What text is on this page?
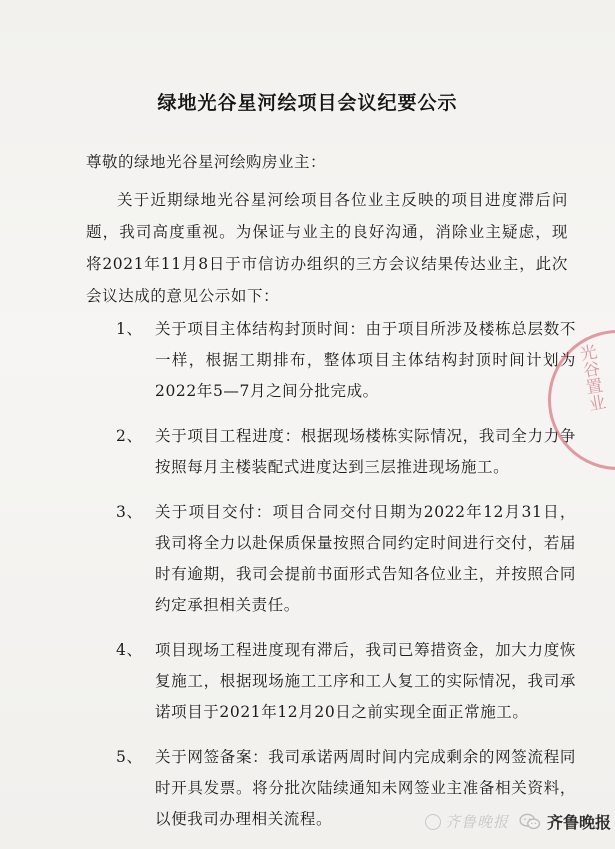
绿地光谷星河绘项目会议纪要公示
尊敬的绿地光谷星河绘购房业主：
关于近期绿地光谷星河绘项目各位业主反映的项目进度滞后问题，我司高度重视。为保证与业主的良好沟通，消除业主疑虑，现将2021年11月8日于市信访办组织的三方会议结果传达业主，此次会议达成的意见公示如下：
1、 关于项目主体结构封顶时间：由于项目所涉及楼栋总层数不一样，根据工期排布，整体项目主体结构封顶时间计划为2022年5—7月之间分批完成。
2、 关于项目工程进度：根据现场楼栋实际情况，我司全力力争按照每月主楼装配式进度达到三层推进现场施工。
3、 关于项目交付：项目合同交付日期为2022年12月31日，我司将全力以赴保质保量按照合同约定时间进行交付，若届时有逾期，我司会提前书面形式告知各位业主，并按照合同约定承担相关责任。
4、 项目现场工程进度现有滞后，我司已筹措资金，加大力度恢复施工，根据现场施工工序和工人复工的实际情况，我司承诺项目于2021年12月20日之前实现全面正常施工。
5、 关于网签备案：我司承诺两周时间内完成剩余的网签流程同时开具发票。将分批次陆续通知未网签业主准备相关资料，以便我司办理相关流程。
光谷置业
齐鲁晚报 齐鲁晚报
